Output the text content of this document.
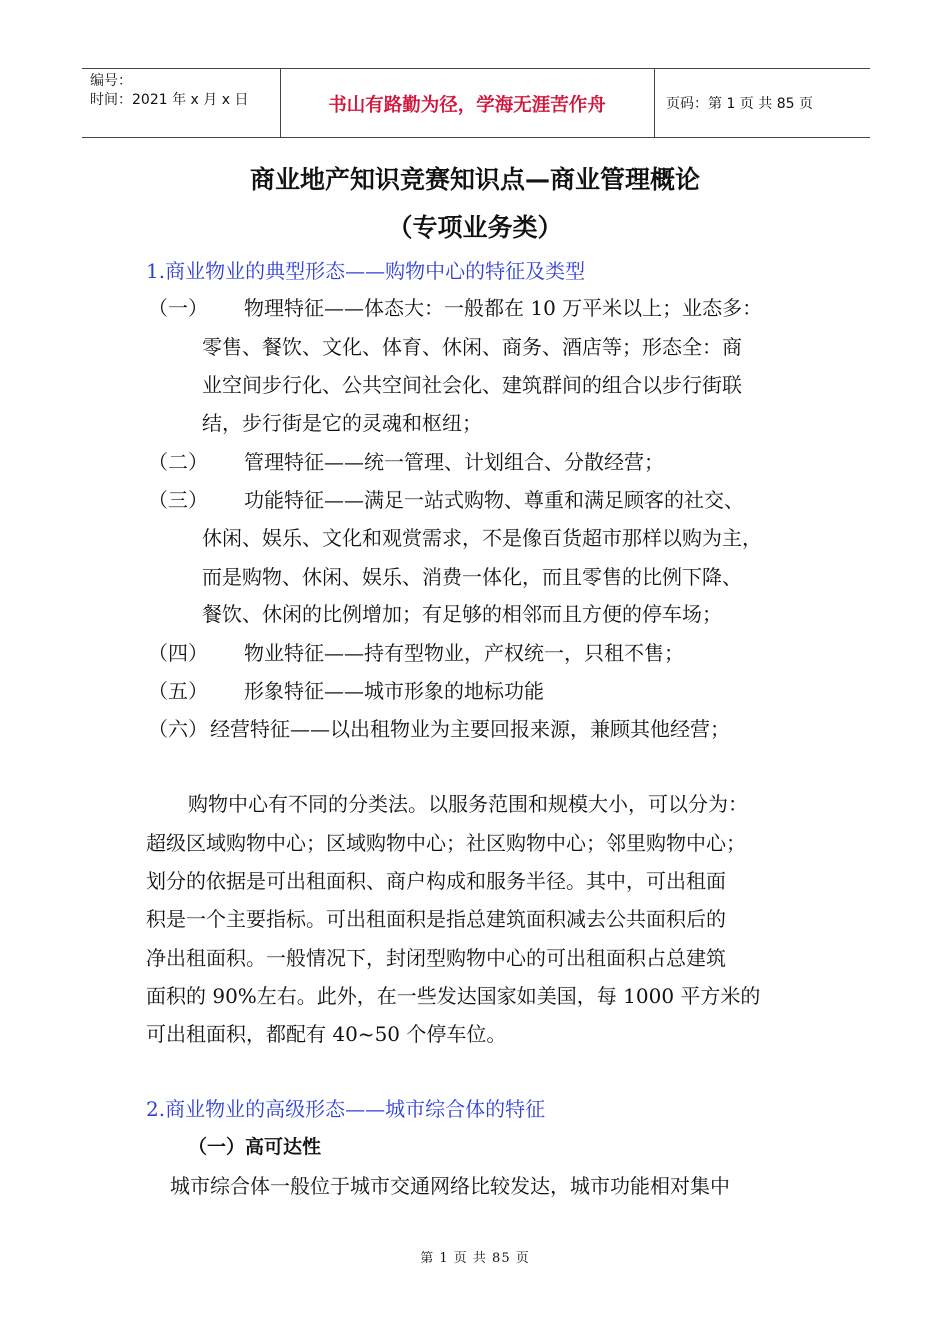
编号：
时间：2021 年 x 月 x 日	书山有路勤为径，学海无涯苦作舟	页码：第 1 页 共 85 页
商业地产知识竞赛知识点—商业管理概论
（专项业务类）
1.商业物业的典型形态——购物中心的特征及类型
（一） 物理特征——体态大：一般都在 10 万平米以上；业态多：
零售、餐饮、文化、体育、休闲、商务、酒店等；形态全：商
业空间步行化、公共空间社会化、建筑群间的组合以步行街联
结，步行街是它的灵魂和枢纽；
（二） 管理特征——统一管理、计划组合、分散经营；
（三） 功能特征——满足一站式购物、尊重和满足顾客的社交、
休闲、娱乐、文化和观赏需求，不是像百货超市那样以购为主，
而是购物、休闲、娱乐、消费一体化，而且零售的比例下降、
餐饮、休闲的比例增加；有足够的相邻而且方便的停车场；
（四） 物业特征——持有型物业，产权统一，只租不售；
（五） 形象特征——城市形象的地标功能
（六） 经营特征——以出租物业为主要回报来源，兼顾其他经营；
购物中心有不同的分类法。以服务范围和规模大小，可以分为：
超级区域购物中心；区域购物中心；社区购物中心；邻里购物中心；
划分的依据是可出租面积、商户构成和服务半径。其中，可出租面
积是一个主要指标。可出租面积是指总建筑面积减去公共面积后的
净出租面积。一般情况下，封闭型购物中心的可出租面积占总建筑
面积的 90%左右。此外，在一些发达国家如美国，每 1000 平方米的
可出租面积，都配有 40~50 个停车位。
2.商业物业的高级形态——城市综合体的特征
（一）高可达性
城市综合体一般位于城市交通网络比较发达，城市功能相对集中
第 1 页 共 85 页
